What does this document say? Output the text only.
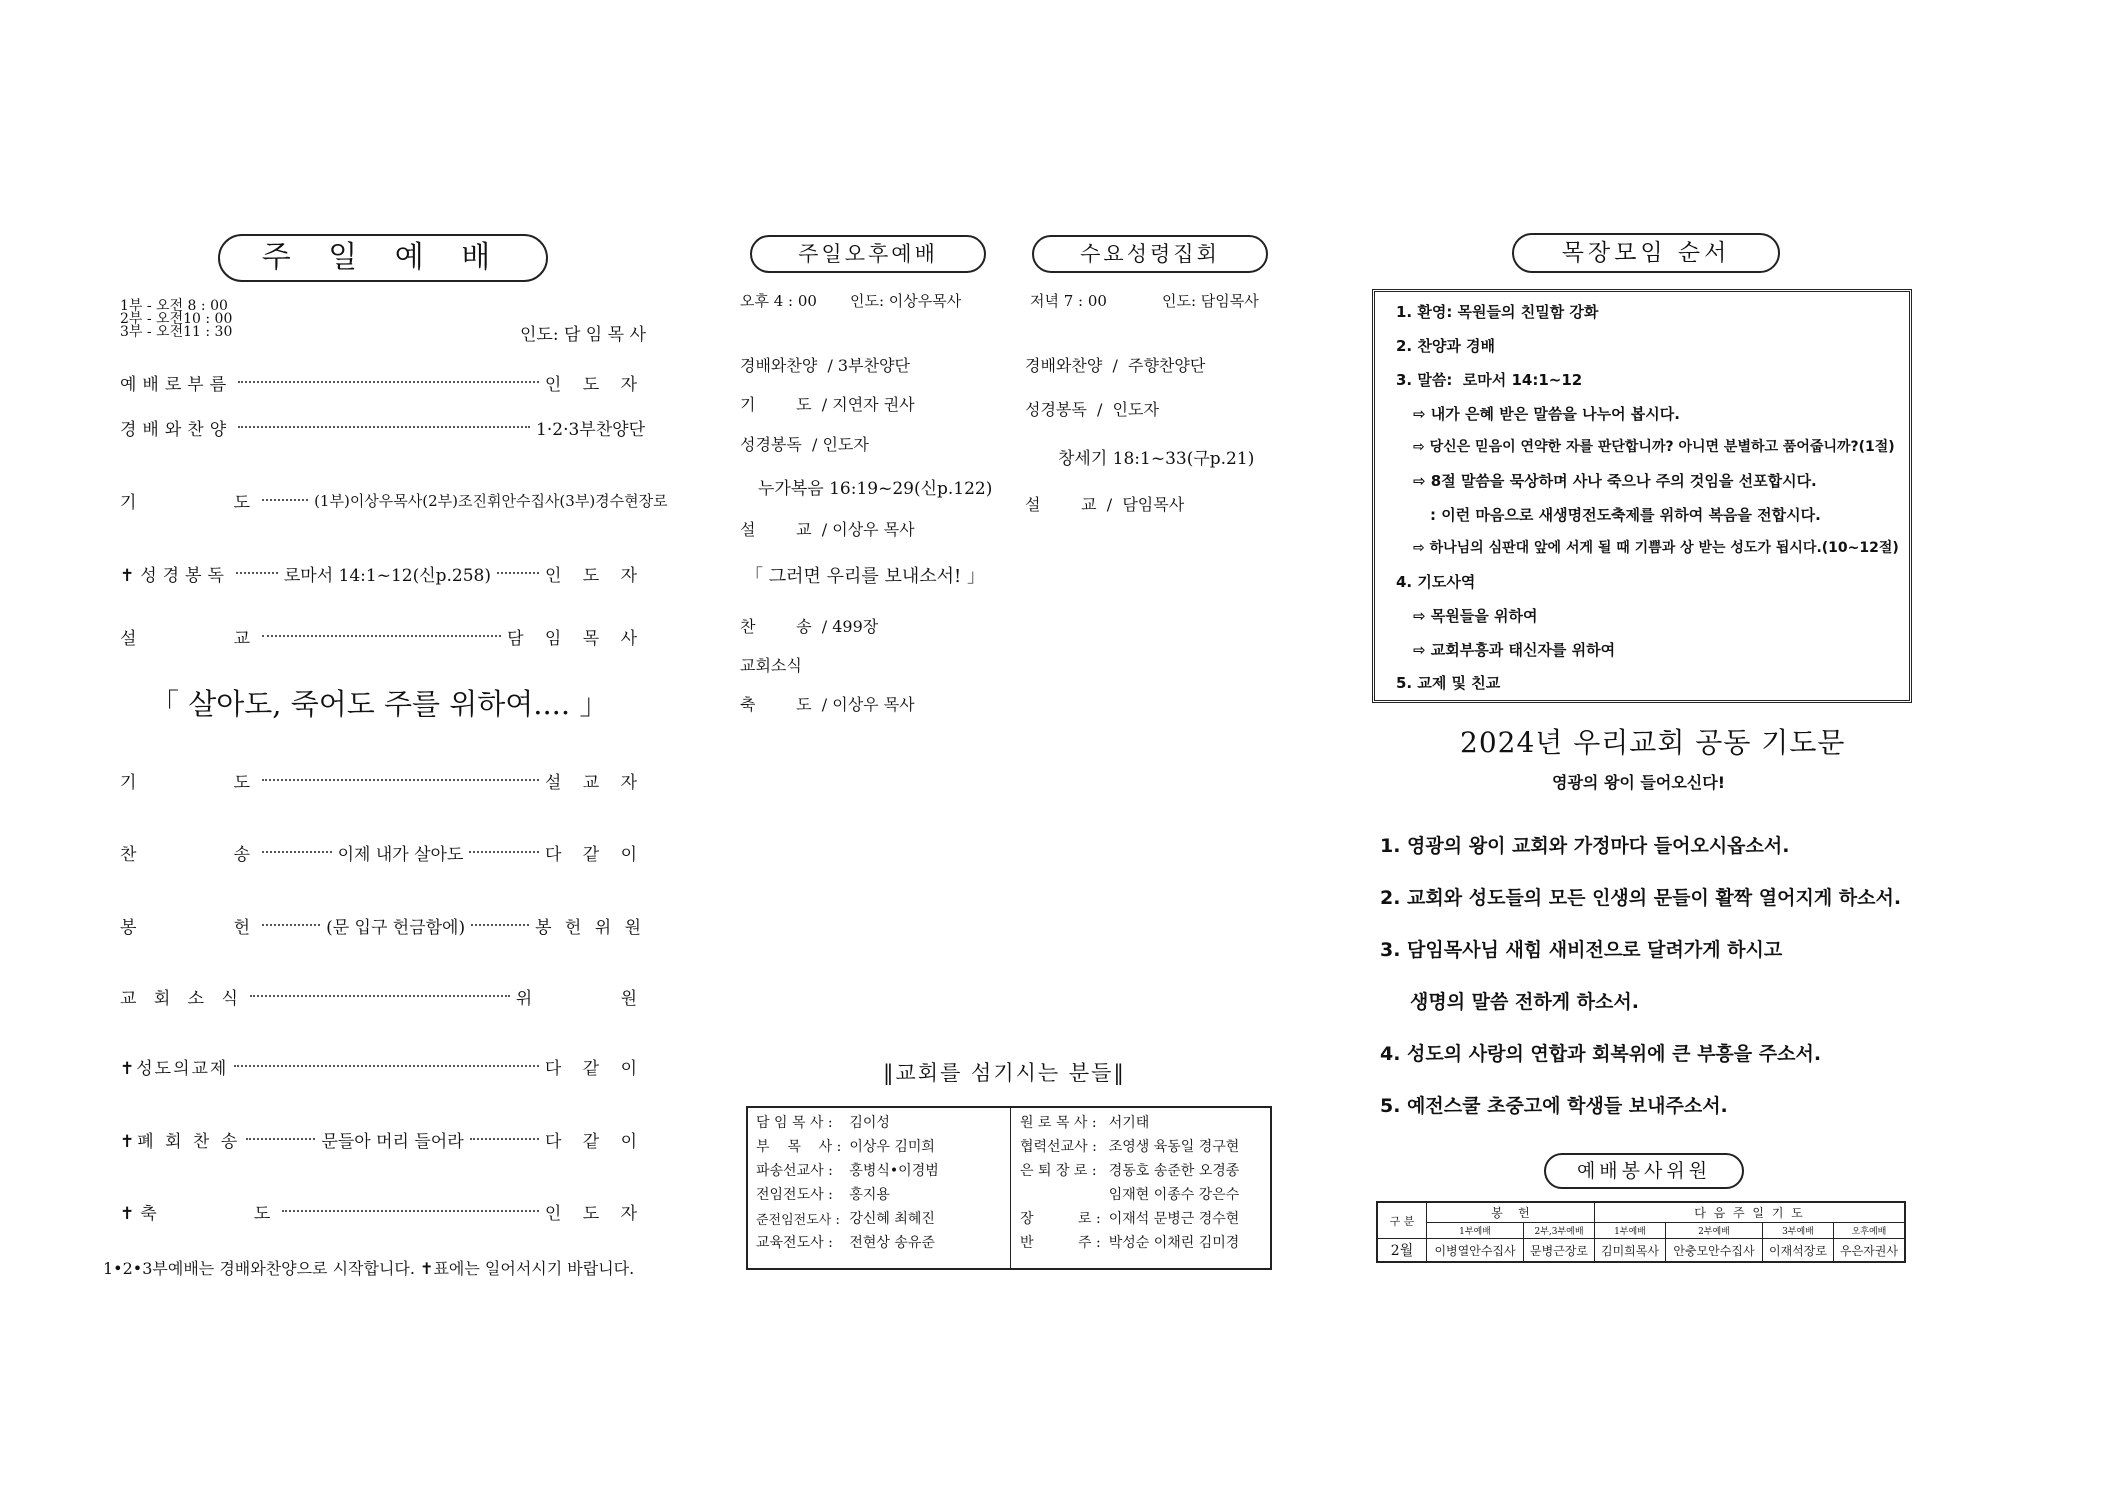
주 일 예 배
1부 - 오전 8 : 00
2부 - 오전10 : 00
3부 - 오전11 : 30	인도: 담 임 목 사
예배로부름	인 도 자
경배와찬양	1·2·3부찬양단
기        도	(1부)이상우목사(2부)조진휘안수집사(3부)경수현장로
✝성경봉독	로마서 14:1~12(신p.258)	인 도 자
설        교	담 임 목 사
「 살아도, 죽어도 주를 위하여.... 」
기        도	설 교 자
찬        송	이제 내가 살아도	다 같 이
봉        헌	(문 입구 헌금함에)	봉 헌 위 원
교 회 소 식	위      원
✝성도의교제	다 같 이
✝폐 회 찬 송	문들아 머리 들어라	다 같 이
✝축        도	인 도 자
1•2•3부예배는 경배와찬양으로 시작합니다. ✝표에는 일어서시기 바랍니다.
주일오후예배
오후 4 : 00 인도: 이상우목사
경배와찬양  / 3부찬양단
기        도  / 지연자 권사
성경봉독  / 인도자
누가복음 16:19~29(신p.122)
설        교  / 이상우 목사
「 그러면 우리를 보내소서! 」
찬        송  / 499장
교회소식
축        도  / 이상우 목사
수요성령집회
저녁 7 : 00	인도: 담임목사
경배와찬양  /  주향찬양단
성경봉독  /  인도자
창세기 18:1~33(구p.21)
설        교  /  담임목사
‖교회를 섬기시는 분들‖
담 임 목 사 :	김이성
부    목    사 :	이상우 김미희
파송선교사 :	홍병식•이경범
전임전도사 :	홍지용
준전임전도사 :	강신혜 최혜진
교육전도사 :	전현상 송유준
원 로 목 사 :	서기태
협력선교사 :	조영생 육동일 경구현
은 퇴 장 로 :	경동호 송준한 오경종
	임재현 이종수 강은수
장          로 :	이재석 문병근 경수현
반          주 :	박성순 이채린 김미경
목장모임 순서
1. 환영: 목원들의 친밀함 강화
2. 찬양과 경배
3. 말씀:  로마서 14:1~12
⇨ 내가 은혜 받은 말씀을 나누어 봅시다.
⇨ 당신은 믿음이 연약한 자를 판단합니까? 아니면 분별하고 품어줍니까?(1절)
⇨ 8절 말씀을 묵상하며 사나 죽으나 주의 것임을 선포합시다.
: 이런 마음으로 새생명전도축제를 위하여 복음을 전합시다.
⇨ 하나님의 심판대 앞에 서게 될 때 기쁨과 상 받는 성도가 됩시다.(10~12절)
4. 기도사역
⇨ 목원들을 위하여
⇨ 교회부흥과 태신자를 위하여
5. 교제 및 친교
2024년 우리교회 공동 기도문
영광의 왕이 들어오신다!
1. 영광의 왕이 교회와 가정마다 들어오시옵소서.
2. 교회와 성도들의 모든 인생의 문들이 활짝 열어지게 하소서.
3. 담임목사님 새힘 새비전으로 달려가게 하시고
생명의 말씀 전하게 하소서.
4. 성도의 사랑의 연합과 회복위에 큰 부흥을 주소서.
5. 예전스쿨 초중고에 학생들 보내주소서.
예배봉사위원
구 분	봉    헌		다 음 주 일 기 도			
	1부예배	2부,3부예배	1부예배	2부예배	3부예배	오후예배
2월	이병열안수집사	문병근장로	김미희목사	안충모안수집사	이재석장로	우은자권사
